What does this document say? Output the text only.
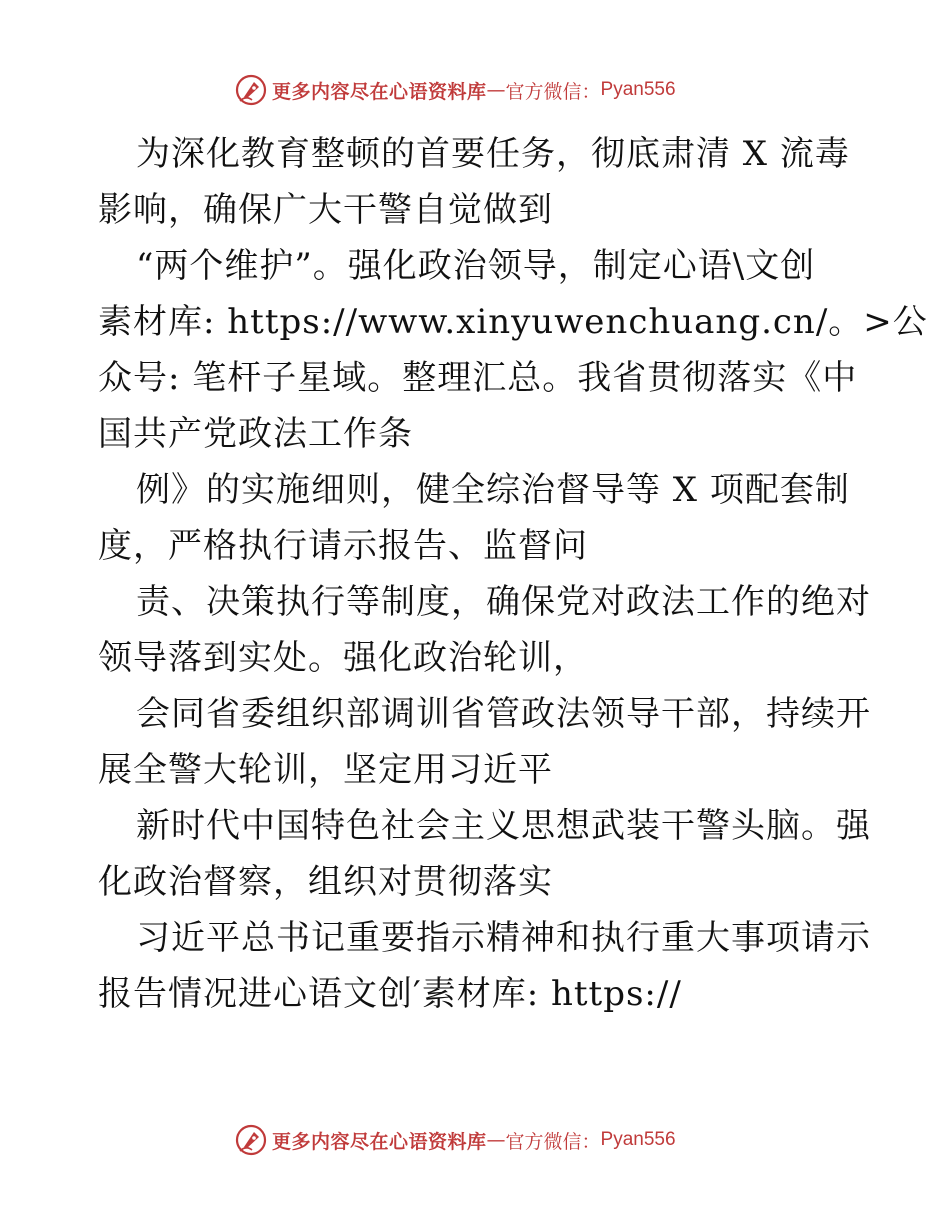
更多内容尽在心语资料库 — 官方微信： Pyan556
为深化教育整顿的首要任务，彻底肃清 X 流毒
影响，确保广大干警自觉做到
“两个维护”。强化政治领导，制定心语\文创
素材库: https://www.xinyuwenchuang.cn/。>公
众号: 笔杆子星域。整理汇总。我省贯彻落实《中
国共产党政法工作条
例》的实施细则，健全综治督导等 X 项配套制
度，严格执行请示报告、监督问
责、决策执行等制度，确保党对政法工作的绝对
领导落到实处。强化政治轮训，
会同省委组织部调训省管政法领导干部，持续开
展全警大轮训，坚定用习近平
新时代中国特色社会主义思想武装干警头脑。强
化政治督察，组织对贯彻落实
习近平总书记重要指示精神和执行重大事项请示
报告情况进心语文创′素材库: https://
更多内容尽在心语资料库 — 官方微信： Pyan556
